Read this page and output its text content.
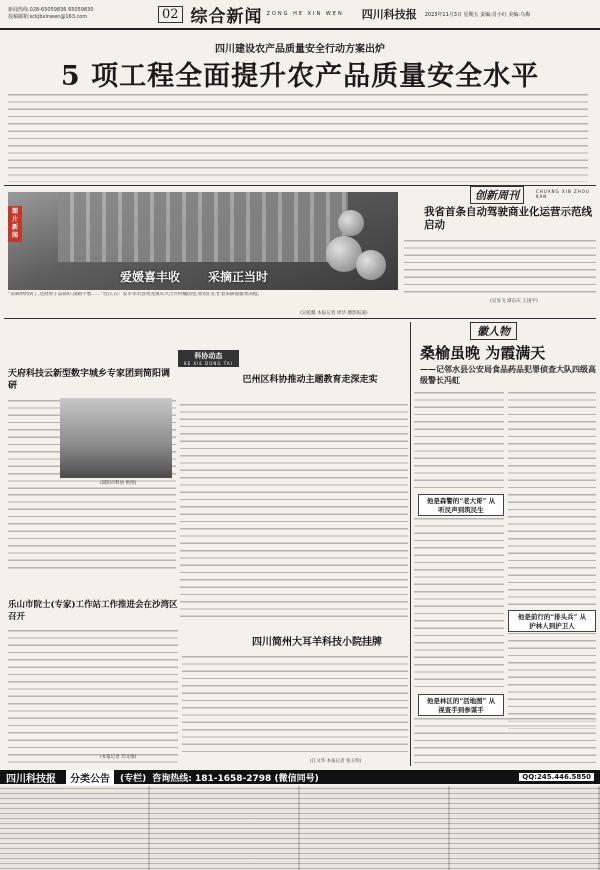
新闻热线:028-65059836 65059830
投稿邮箱:sckjbxinwen@163.com	02 综合新闻 ZONG HE XIN WEN 四川科技报 2023年11月3日 星期五 责编:肖小红 美编:乌梅
四川建设农产品质量安全行动方案出炉
5 项工程全面提升农产品质量安全水平
爱媛喜丰收 采摘正当时
图片新闻
“采摘时间到了,这批果子品质好,销路不愁……”近日,在广安市邻水县黄龙镇永兴合兴村橘园里,果农们正忙着采摘爱媛果冻橙。
(吴乾懿 本报记者 周华 摄影报道)
创新周刊	CHUANG XIN ZHOU KAN
我省首条自动驾驶商业化运营示范线启动
(吴显飞 谭东庆 王国平)
科协动态
KE XIE DONG TAI
天府科技云新型数字城乡专家团到简阳调研
(简阳市科协 供图)
巴州区科协推动主题教育走深走实
乐山市院士(专家)工作站工作推进会在沙湾区召开
(本报记者 苏文维)
四川简州大耳羊科技小院挂牌
(江文华 本报记者 张玉明)
徽人物
桑榆虽晚 为霞满天
——记邻水县公安局食品药品犯罪侦查大队四级高级警长冯虹
他是森警的“老大哥” 从听民声到筑民生
他是前行的“排头兵” 从护林人到护卫人
他是林区的“活地图” 从视查手到参谋手
四川科技报	分类公告	(专栏) 咨询热线: 181-1658-2798 (微信同号)	QQ:245.446.5850
